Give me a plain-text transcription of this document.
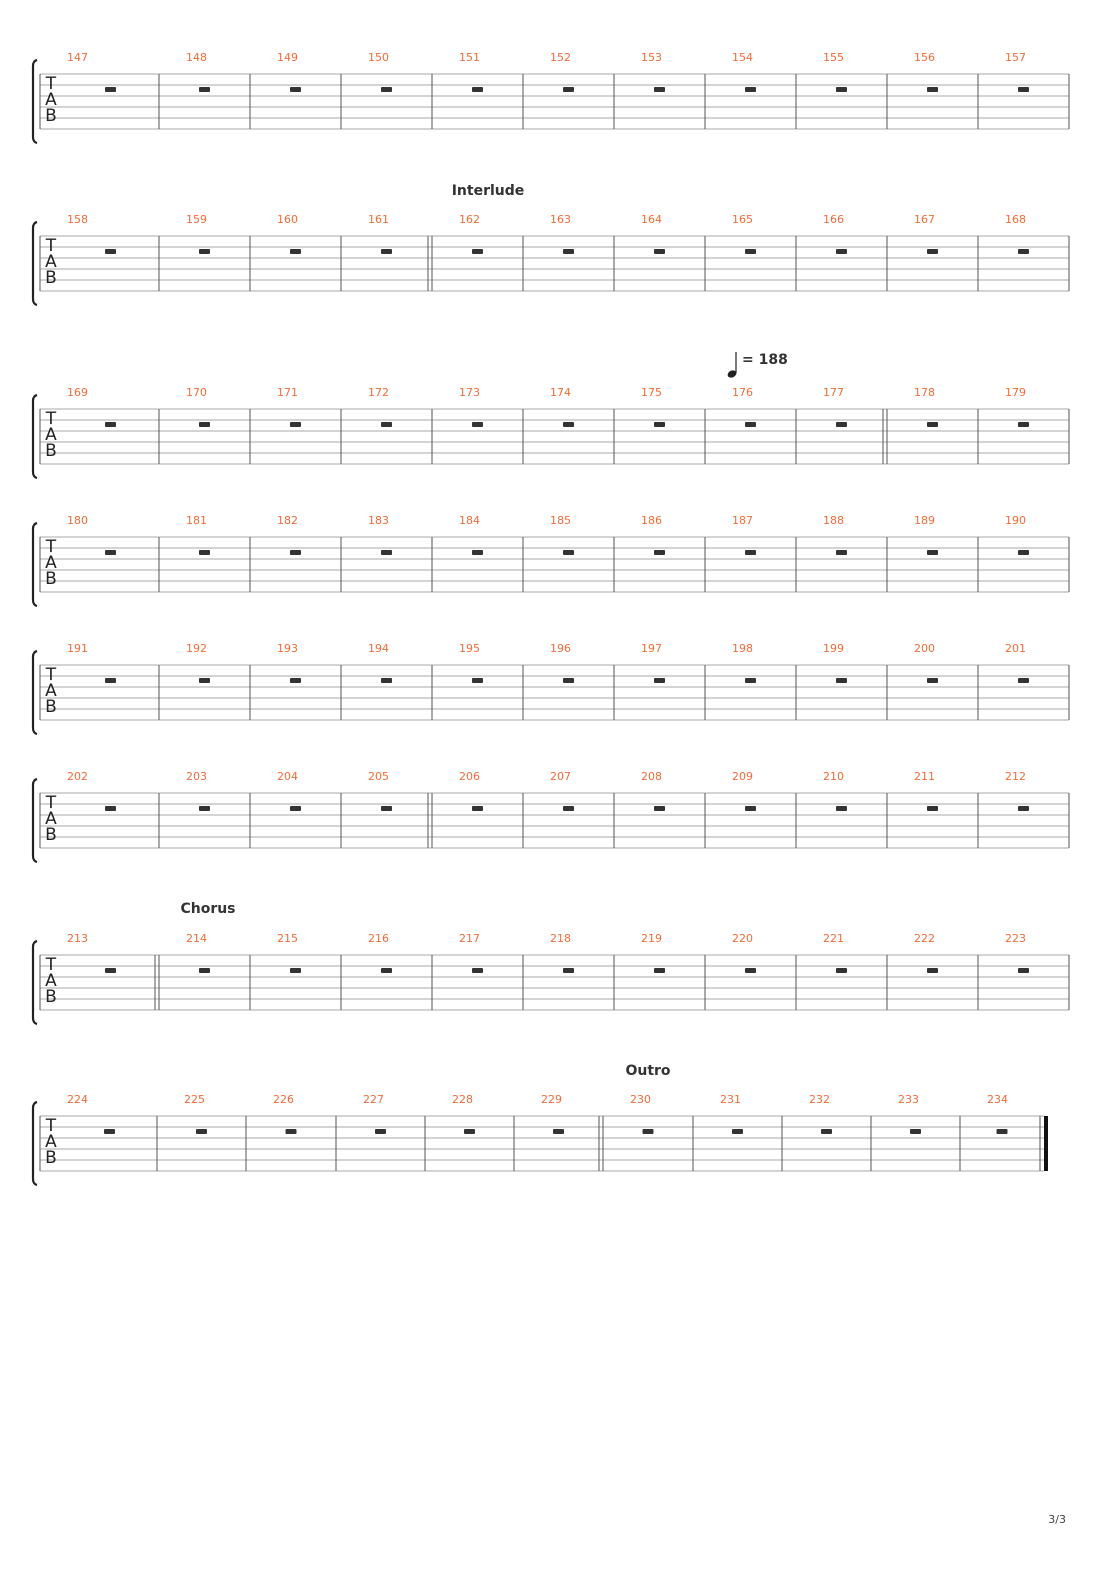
T
A
B
147	148	149	150	151	152	153	154	155	156	157
T
A
B
158	159	160	161	162	163	164	165	166	167	168
Interlude
T
A
B
169	170	171	172	173	174	175	176	177	178	179
T
A
B
180	181	182	183	184	185	186	187	188	189	190
T
A
B
191	192	193	194	195	196	197	198	199	200	201
T
A
B
202	203	204	205	206	207	208	209	210	211	212
T
A
B
213	214	215	216	217	218	219	220	221	222	223
Chorus
T
A
B
224	225	226	227	228	229	230	231	232	233	234
Outro
= 188
3/3
